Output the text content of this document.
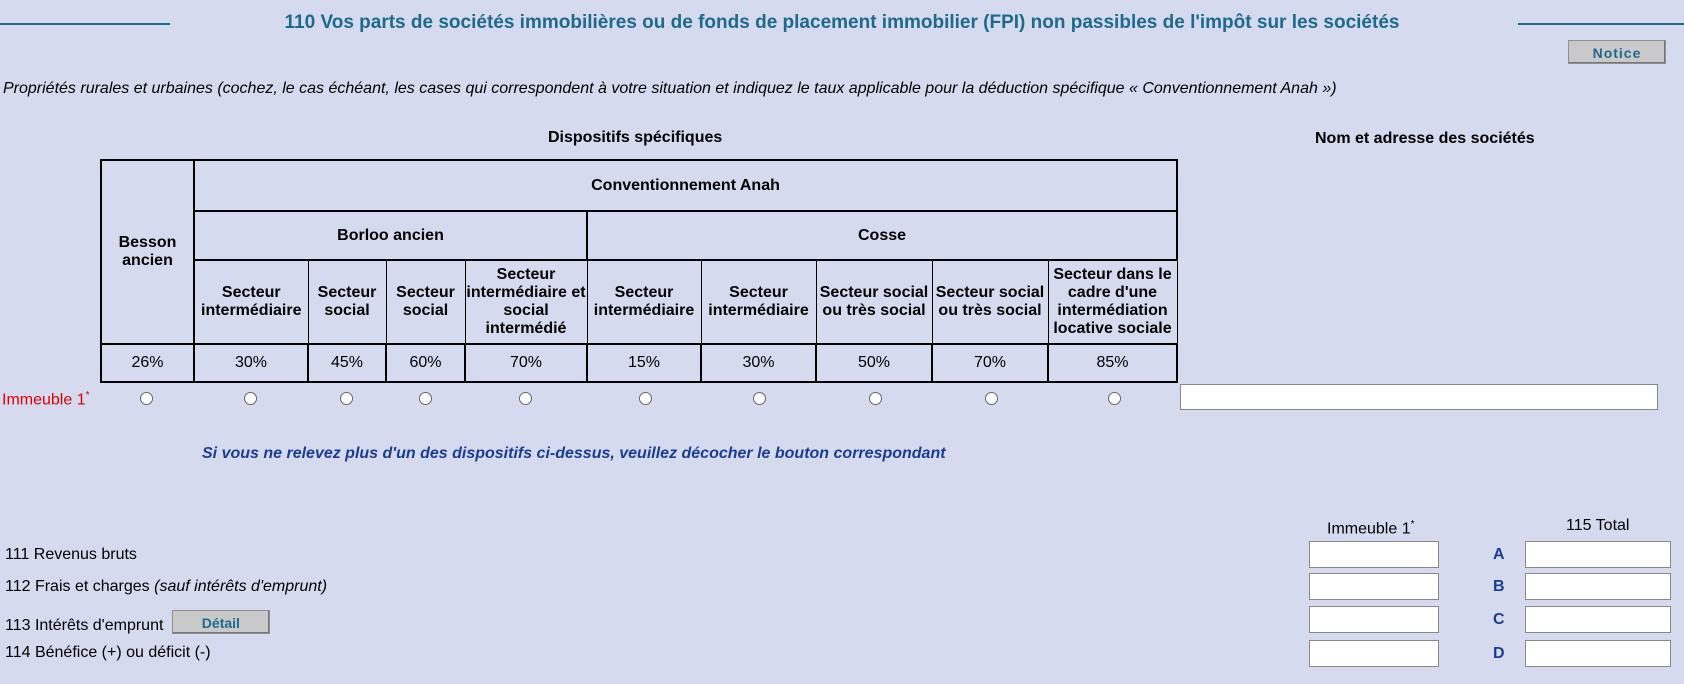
110 Vos parts de sociétés immobilières ou de fonds de placement immobilier (FPI) non passibles de l'impôt sur les sociétés
Notice
Propriétés rurales et urbaines (cochez, le cas échéant, les cases qui correspondent à votre situation et indiquez le taux applicable pour la déduction spécifique « Conventionnement Anah »)
Dispositifs spécifiques	Nom et adresse des sociétés
Besson ancien	Conventionnement Anah								
	Borloo ancien				Cosse				
	Secteur intermédiaire	Secteur social	Secteur social	Secteur intermédiaire et social intermédié	Secteur intermédiaire	Secteur intermédiaire	Secteur social ou très social	Secteur social ou très social	Secteur dans le cadre d'une intermédiation locative sociale
26%	30%	45%	60%	70%	15%	30%	50%	70%	85%
Immeuble 1*
Si vous ne relevez plus d'un des dispositifs ci-dessus, veuillez décocher le bouton correspondant
Immeuble 1*	115 Total
111 Revenus bruts
112 Frais et charges (sauf intérêts d'emprunt)
113 Intérêts d'emprunt	Détail
114 Bénéfice (+) ou déficit (-)
A
B
C
D
